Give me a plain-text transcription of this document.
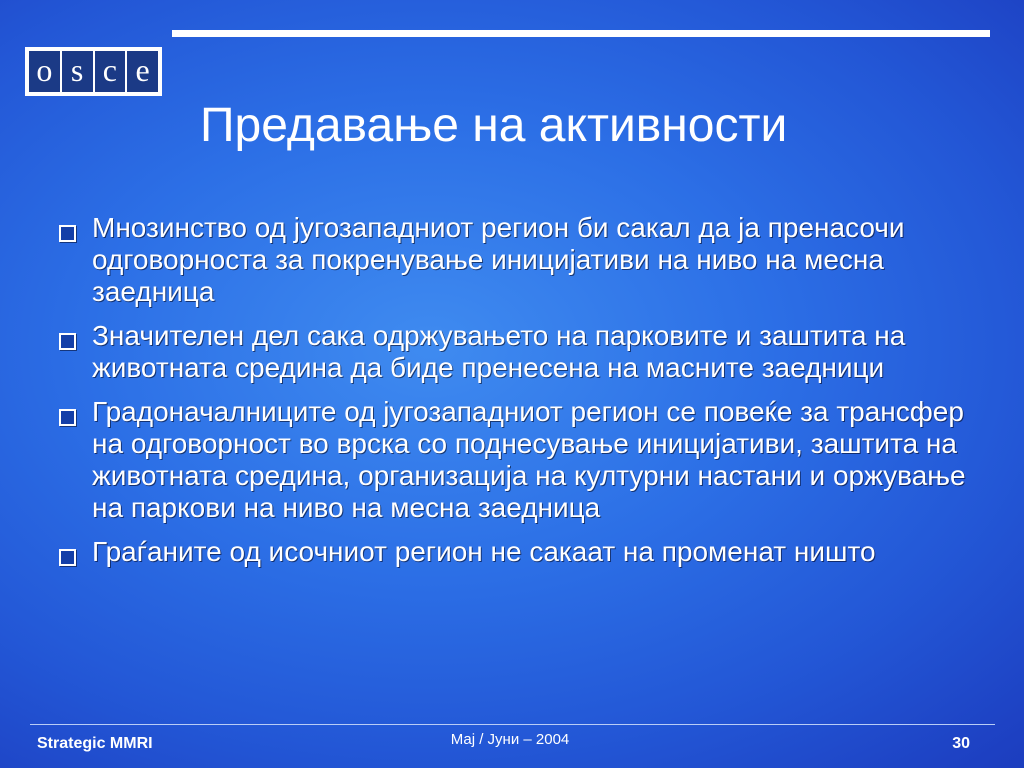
o s c e
Предавање на активности
Мнозинство од југозападниот регион би сакал да ја пренасочи одговорноста за покренување иницијативи на ниво на месна заедница
Значителен дел сака одржувањето на парковите и заштита на животната средина да биде пренесена на масните заедници
Градоначалниците од југозападниот регион се повеќе за трансфер на одговорност во врска со поднесување иницијативи, заштита на животната средина, организација на културни настани и оржување на паркови на ниво на месна заедница
Граѓаните од исочниот регион не сакаат на променат ништо
Strategic MMRI	Мај / Јуни – 2004	30
